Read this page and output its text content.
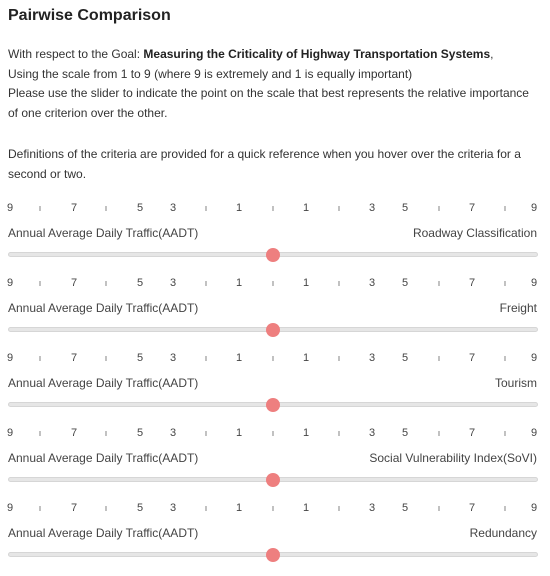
Pairwise Comparison

With respect to the Goal: Measuring the Criticality of Highway Transportation Systems,

Using the scale from 1 to 9 (where 9 is extremely and 1 is equally important)

Please use the slider to indicate the point on the scale that best represents the relative importance of one criterion over the other.

Definitions of the criteria are provided for a quick reference when you hover over the criteria for a second or two.
9	ı	7	ı	5	3	ı	1	ı	1	ı	3	5	ı	7	ı	9
Annual Average Daily Traffic(AADT)	Roadway Classification
9	ı	7	ı	5	3	ı	1	ı	1	ı	3	5	ı	7	ı	9
Annual Average Daily Traffic(AADT)	Freight
9	ı	7	ı	5	3	ı	1	ı	1	ı	3	5	ı	7	ı	9
Annual Average Daily Traffic(AADT)	Tourism
9	ı	7	ı	5	3	ı	1	ı	1	ı	3	5	ı	7	ı	9
Annual Average Daily Traffic(AADT)	Social Vulnerability Index(SoVI)
9	ı	7	ı	5	3	ı	1	ı	1	ı	3	5	ı	7	ı	9
Annual Average Daily Traffic(AADT)	Redundancy
